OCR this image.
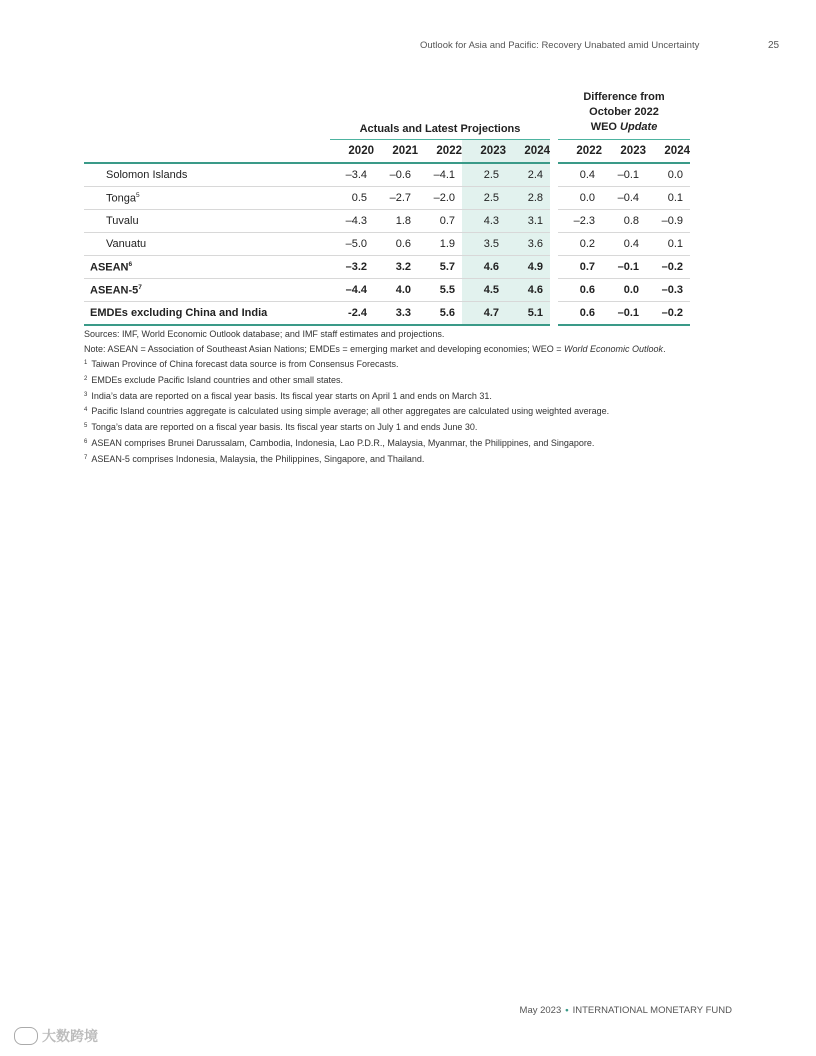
Outlook for Asia and Pacific: Recovery Unabated amid Uncertainty	25
	Actuals and Latest Projections						Difference from
October 2022
WEO Update		

	2020	2021	2022	2023	2024		2022	2023	2024
Solomon Islands	–3.4	–0.6	–4.1	2.5	2.4		0.4	–0.1	0.0
Tonga$^5$	0.5	–2.7	–2.0	2.5	2.8		0.0	–0.4	0.1
Tuvalu	–4.3	1.8	0.7	4.3	3.1		–2.3	0.8	–0.9
Vanuatu	–5.0	0.6	1.9	3.5	3.6		0.2	0.4	0.1
ASEAN$^6$	–3.2	3.2	5.7	4.6	4.9		0.7	–0.1	–0.2
ASEAN-$5^7$	–4.4	4.0	5.5	4.5	4.6		0.6	0.0	–0.3
EMDEs excluding China and India	-2.4	3.3	5.6	4.7	5.1		0.6	–0.1	–0.2

Sources: IMF, World Economic Outlook database; and IMF staff estimates and projections.

Note: ASEAN = Association of Southeast Asian Nations; EMDEs = emerging market and developing economies; WEO = World Economic Outlook.

$^1$ Taiwan Province of China forecast data source is from Consensus Forecasts.

$^2$ EMDEs exclude Pacific Island countries and other small states.

$^3$ India’s data are reported on a fiscal year basis. Its fiscal year starts on April 1 and ends on March 31.

$^4$ Pacific Island countries aggregate is calculated using simple average; all other aggregates are calculated using weighted average.

$^5$ Tonga’s data are reported on a fiscal year basis. Its fiscal year starts on July 1 and ends June 30.

$^6$ ASEAN comprises Brunei Darussalam, Cambodia, Indonesia, Lao P.D.R., Malaysia, Myanmar, the Philippines, and Singapore.

$^7$ ASEAN-5 comprises Indonesia, Malaysia, the Philippines, Singapore, and Thailand.

May 2023 • INTERNATIONAL MONETARY FUND
大数跨境
